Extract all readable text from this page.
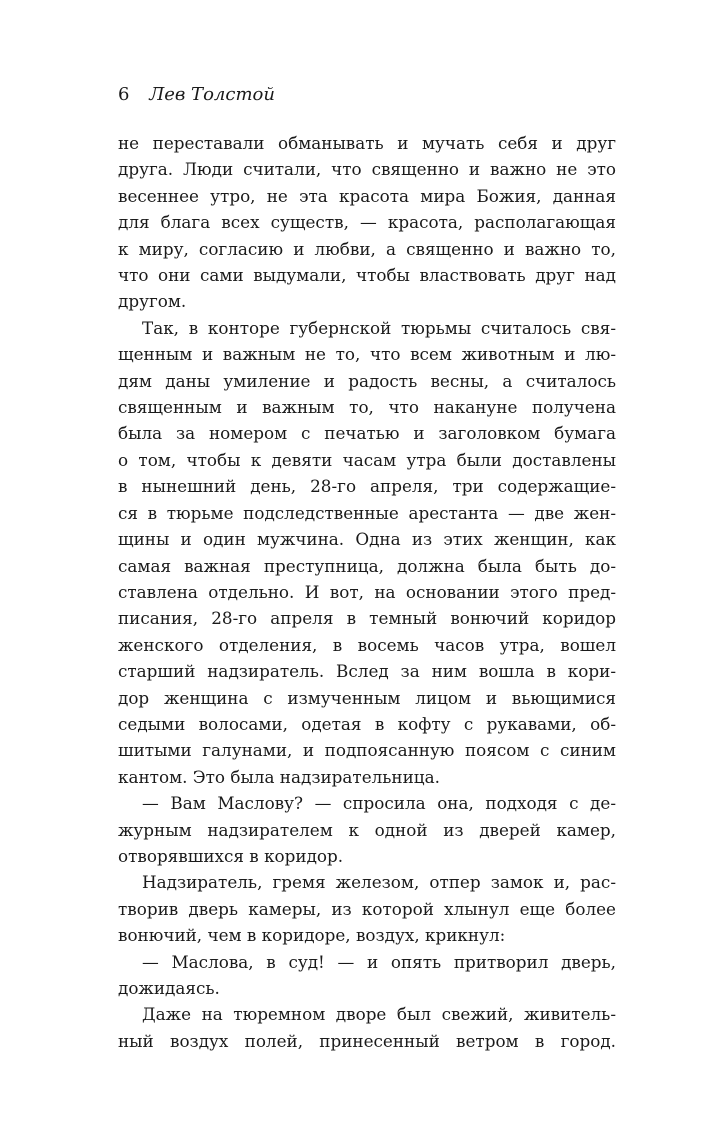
6 Лев Толстой
не переставали обманывать и мучать себя и друг
друга. Люди считали, что священно и важно не это
весеннее утро, не эта красота мира Божия, данная
для блага всех существ, — красота, располагающая
к миру, согласию и любви, а священно и важно то,
что они сами выдумали, чтобы властвовать друг над
другом.
Так, в конторе губернской тюрьмы считалось свя-
щенным и важным не то, что всем животным и лю-
дям даны умиление и радость весны, а считалось
священным и важным то, что накануне получена
была за номером с печатью и заголовком бумага
о том, чтобы к девяти часам утра были доставлены
в нынешний день, 28-го апреля, три содержащие-
ся в тюрьме подследственные арестанта — две жен-
щины и один мужчина. Одна из этих женщин, как
самая важная преступница, должна была быть до-
ставлена отдельно. И вот, на основании этого пред-
писания, 28-го апреля в темный вонючий коридор
женского отделения, в восемь часов утра, вошел
старший надзиратель. Вслед за ним вошла в кори-
дор женщина с измученным лицом и вьющимися
седыми волосами, одетая в кофту с рукавами, об-
шитыми галунами, и подпоясанную поясом с синим
кантом. Это была надзирательница.
— Вам Маслову? — спросила она, подходя с де-
журным надзирателем к одной из дверей камер,
отворявшихся в коридор.
Надзиратель, гремя железом, отпер замок и, рас-
творив дверь камеры, из которой хлынул еще более
вонючий, чем в коридоре, воздух, крикнул:
— Маслова, в суд! — и опять притворил дверь,
дожидаясь.
Даже на тюремном дворе был свежий, живитель-
ный воздух полей, принесенный ветром в город.
